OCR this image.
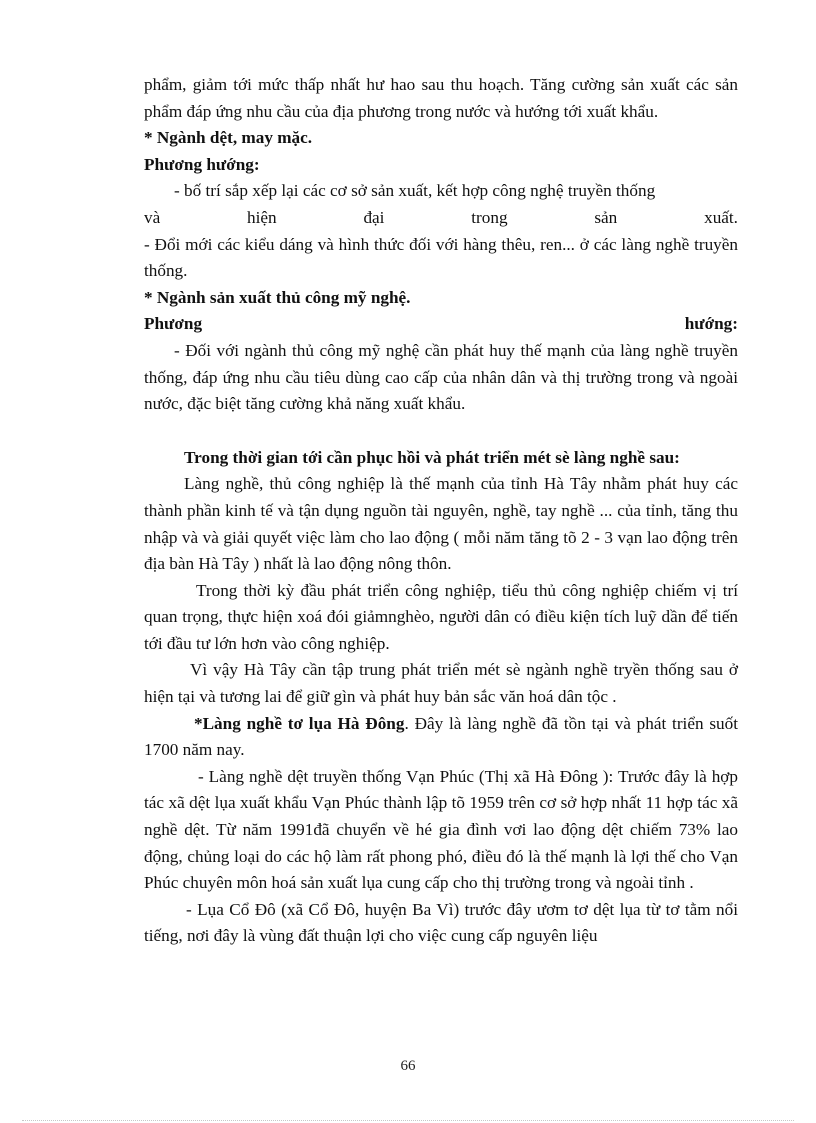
phẩm, giảm tới mức thấp nhất hư hao sau thu hoạch. Tăng cường sản xuất các sản phẩm đáp ứng nhu cầu của địa phương trong nước và hướng tới xuất khẩu.

* Ngành dệt, may mặc.

Phương hướng:

- bố trí sắp xếp lại các cơ sở sản xuất, kết hợp công nghệ truyền thống

và	hiện	đại	trong	sản	xuất.

- Đổi mới các kiểu dáng và hình thức đối với hàng thêu, ren... ở các làng nghề truyền thống.

* Ngành sản xuất thủ công mỹ nghệ.

Phương	hướng:

- Đối với ngành thủ công mỹ nghệ cần phát huy thế mạnh của làng nghề truyền thống, đáp ứng nhu cầu tiêu dùng cao cấp của nhân dân và thị trường trong và ngoài nước, đặc biệt tăng cường khả năng xuất khẩu.

Trong thời gian tới cần phục hồi và phát triển mét sè làng nghề sau:

Làng nghề, thủ công nghiệp là thế mạnh của tỉnh Hà Tây nhằm phát huy các thành phần kinh tế và tận dụng nguồn tài nguyên, nghề, tay nghề ... của tỉnh, tăng thu nhập và và giải quyết việc làm cho lao động ( mỗi năm tăng tõ 2 - 3 vạn lao động trên địa bàn Hà Tây ) nhất là lao động nông thôn.

Trong thời kỳ đầu phát triển công nghiệp, tiểu thủ công nghiệp chiếm vị trí quan trọng, thực hiện xoá đói giảmnghèo, người dân có điều kiện tích luỹ dần để tiến tới đầu tư lớn hơn vào công nghiệp.

Vì vậy Hà Tây cần tập trung phát triển mét sè ngành nghề tryền thống sau ở hiện tại và tương lai để giữ gìn và phát huy bản sắc văn hoá dân tộc .

*Làng nghề tơ lụa Hà Đông. Đây là làng nghề đã tồn tại và phát triển suốt 1700 năm nay.

- Làng nghề dệt truyền thống Vạn Phúc (Thị xã Hà Đông ): Trước đây là hợp tác xã dệt lụa xuất khẩu Vạn Phúc thành lập tõ 1959 trên cơ sở hợp nhất 11 hợp tác xã nghề dệt. Từ năm 1991đã chuyển về hé gia đình vơi lao động dệt chiếm 73% lao động, chủng loại do các hộ làm rất phong phó, điều đó là thế mạnh là lợi thế cho Vạn Phúc chuyên môn hoá sản xuất lụa cung cấp cho thị trường trong và ngoài tỉnh .

- Lụa Cổ Đô (xã Cổ Đô, huyện Ba Vì) trước đây ươm tơ dệt lụa từ tơ tằm nổi tiếng, nơi đây là vùng đất thuận lợi cho việc cung cấp nguyên liệu

66
